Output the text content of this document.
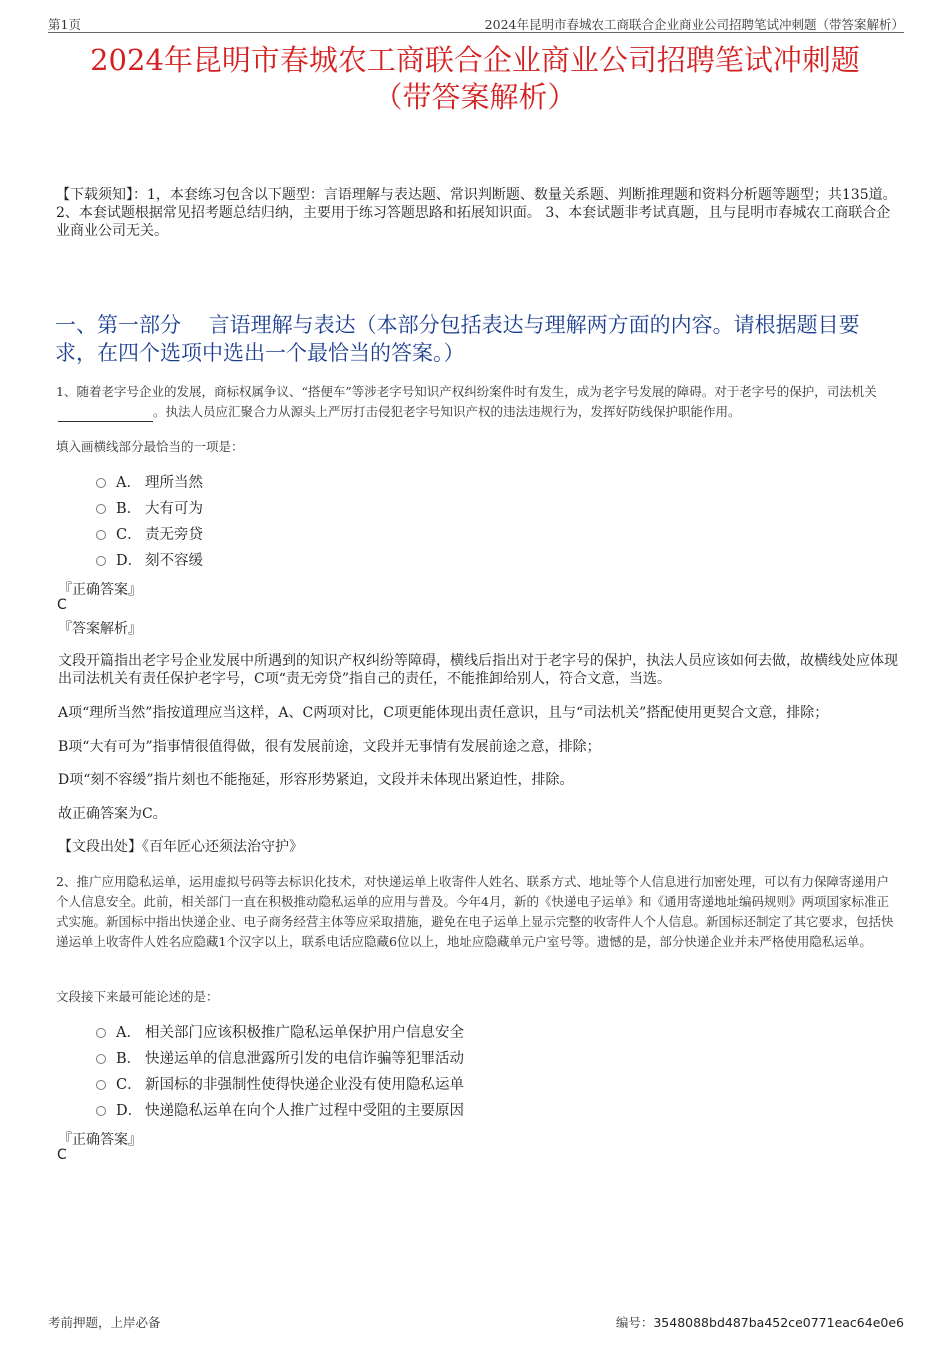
第1页	2024年昆明市春城农工商联合企业商业公司招聘笔试冲刺题（带答案解析）
2024年昆明市春城农工商联合企业商业公司招聘笔试冲刺题
（带答案解析）
【下载须知】：1，本套练习包含以下题型：言语理解与表达题、常识判断题、数量关系题、判断推理题和资料分析题等题型；共135道。 2、本套试题根据常见招考题总结归纳，主要用于练习答题思路和拓展知识面。 3、本套试题非考试真题，且与昆明市春城农工商联合企业商业公司无关。
一、第一部分　 言语理解与表达（本部分包括表达与理解两方面的内容。请根据题目要求，在四个选项中选出一个最恰当的答案。）
1、随着老字号企业的发展，商标权属争议、“搭便车”等涉老字号知识产权纠纷案件时有发生，成为老字号发展的障碍。对于老字号的保护，司法机关。执法人员应汇聚合力从源头上严厉打击侵犯老字号知识产权的违法违规行为，发挥好防线保护职能作用。
填入画横线部分最恰当的一项是：
A． 理所当然
B． 大有可为
C． 责无旁贷
D． 刻不容缓
『正确答案』
C
『答案解析』
文段开篇指出老字号企业发展中所遇到的知识产权纠纷等障碍，横线后指出对于老字号的保护，执法人员应该如何去做，故横线处应体现出司法机关有责任保护老字号，C项“责无旁贷”指自己的责任，不能推卸给别人，符合文意，当选。
A项“理所当然”指按道理应当这样，A、C两项对比，C项更能体现出责任意识，且与“司法机关”搭配使用更契合文意，排除；
B项“大有可为”指事情很值得做，很有发展前途，文段并无事情有发展前途之意，排除；
D项“刻不容缓”指片刻也不能拖延，形容形势紧迫，文段并未体现出紧迫性，排除。
故正确答案为C。
【文段出处】《百年匠心还须法治守护》
2、推广应用隐私运单，运用虚拟号码等去标识化技术，对快递运单上收寄件人姓名、联系方式、地址等个人信息进行加密处理，可以有力保障寄递用户个人信息安全。此前，相关部门一直在积极推动隐私运单的应用与普及。今年4月，新的《快递电子运单》和《通用寄递地址编码规则》两项国家标准正式实施。新国标中指出快递企业、电子商务经营主体等应采取措施，避免在电子运单上显示完整的收寄件人个人信息。新国标还制定了其它要求，包括快递运单上收寄件人姓名应隐藏1个汉字以上，联系电话应隐藏6位以上，地址应隐藏单元户室号等。遗憾的是，部分快递企业并未严格使用隐私运单。
文段接下来最可能论述的是：
A． 相关部门应该积极推广隐私运单保护用户信息安全
B． 快递运单的信息泄露所引发的电信诈骗等犯罪活动
C． 新国标的非强制性使得快递企业没有使用隐私运单
D． 快递隐私运单在向个人推广过程中受阻的主要原因
『正确答案』
C
考前押题，上岸必备	编号：3548088bd487ba452ce0771eac64e0e6
